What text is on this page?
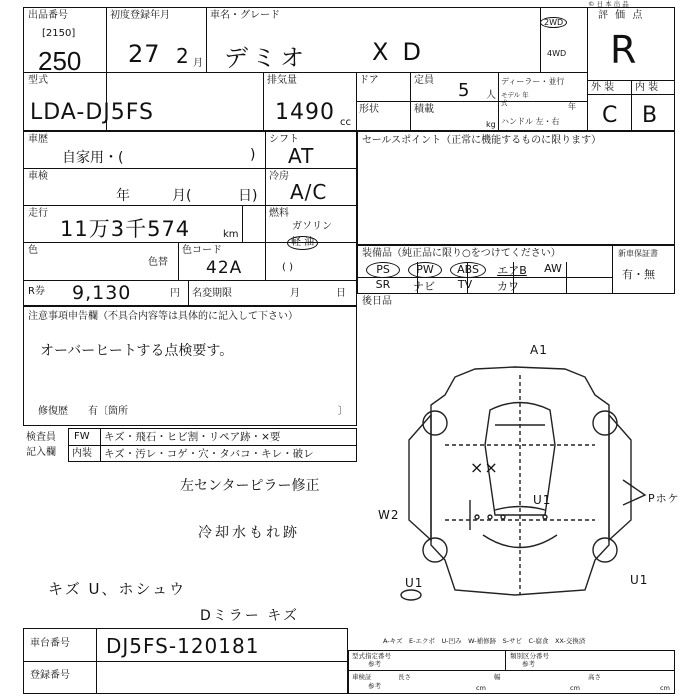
出品番号
[2150]
250
初度登録年月
27 2 月
車名・グレード
デミオ	XD
2WD
4WD
評 価 点
R
© 日 本 出 品
型式
LDA-DJ5FS
排気量
1490 cc
ドア	定員 5 人
ディーラー・並行
モデル 年式	年
形状	積載
kg ハンドル 左・右
外 装 内 装
C B
車歴
自家用・(	)
シフト
AT
車検
年	月(	日)
冷房
A/C
走行
11万3千574	km
燃料
ガソリン
軽 油
( )
色
色替
色コード
42A
R券 9,130	円 名変期限	月	日
セールスポイント（正常に機能するものに限ります）
装備品（純正品に限り○をつけてください）	新車保証書
有・無
PS	PW	ABS	エアB	AW
SR	ナビ	TV	カワ
後日品
注意事項申告欄（不具合内容等は具体的に記入して下さい）
オーバーヒートする点検要す。
修復歴　　有〔箇所	〕
検査員
記入欄
FW キズ・飛石・ヒビ割・リペア跡・×要
内装 キズ・汚レ・コゲ・穴・タバコ・キレ・破レ
左センターピラー修正
冷却水もれ跡
キズ U、ホシュウ
Dミラー キズ
A1
××
U1
W2
Pホケ
U1	U1
A-キズ　E-エクボ　U-凹み　W-補修跡　S-サビ　C-腐食　XX-交換済
車台番号 DJ5FS-120181
登録番号
型式指定番号
参考
類別区分番号
参考
車検証
参考
長さ
cm
幅
cm
高さ
cm
